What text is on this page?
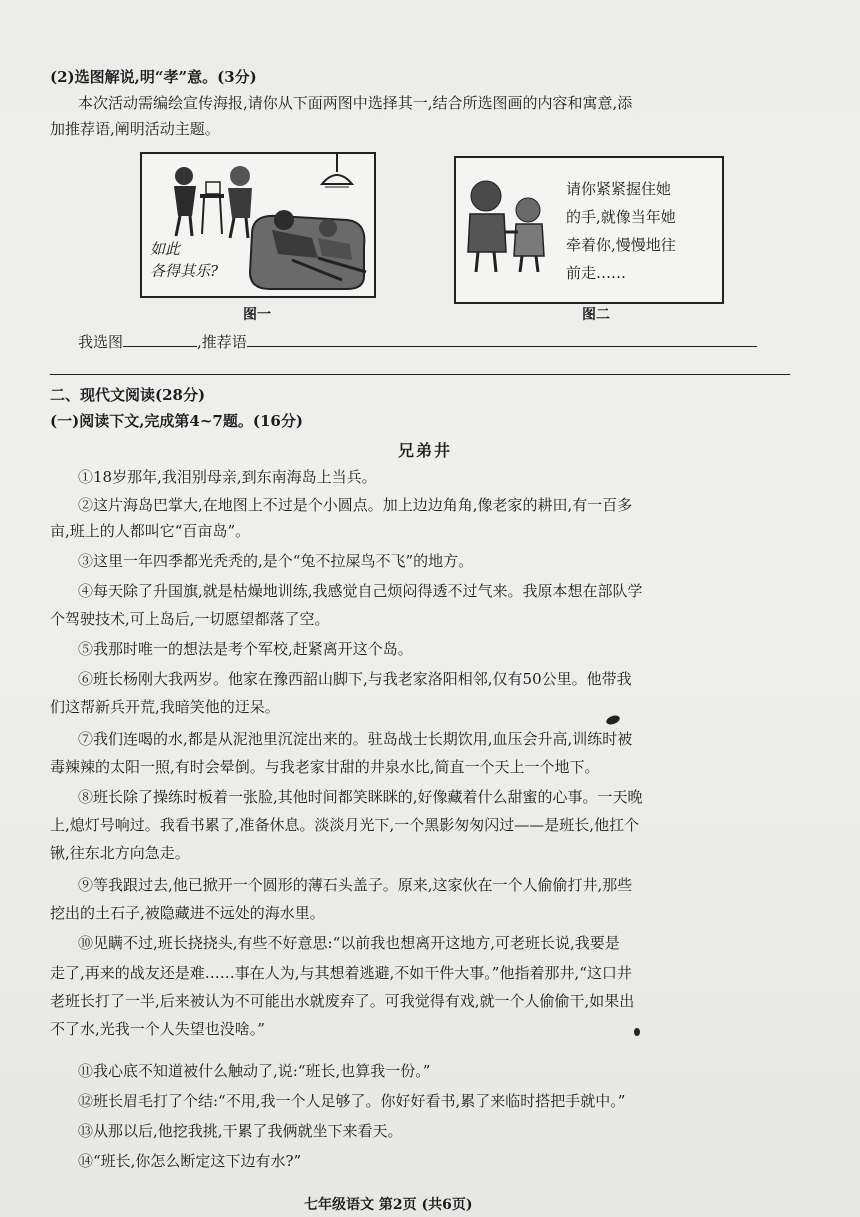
(2)选图解说,明“孝”意。(3分)
本次活动需编绘宣传海报,请你从下面两图中选择其一,结合所选图画的内容和寓意,添
加推荐语,阐明活动主题。
如此
各得其乐?
图一
请你紧紧握住她
的手,就像当年她
牵着你,慢慢地往
前走……
图二
我选图	,推荐语
二、现代文阅读(28分)
(一)阅读下文,完成第4~7题。(16分)
兄弟井
①18岁那年,我泪别母亲,到东南海岛上当兵。
②这片海岛巴掌大,在地图上不过是个小圆点。加上边边角角,像老家的耕田,有一百多
亩,班上的人都叫它“百亩岛”。
③这里一年四季都光秃秃的,是个“兔不拉屎鸟不飞”的地方。
④每天除了升国旗,就是枯燥地训练,我感觉自己烦闷得透不过气来。我原本想在部队学
个驾驶技术,可上岛后,一切愿望都落了空。
⑤我那时唯一的想法是考个军校,赶紧离开这个岛。
⑥班长杨刚大我两岁。他家在豫西韶山脚下,与我老家洛阳相邻,仅有50公里。他带我
们这帮新兵开荒,我暗笑他的迂呆。
⑦我们连喝的水,都是从泥池里沉淀出来的。驻岛战士长期饮用,血压会升高,训练时被
毒辣辣的太阳一照,有时会晕倒。与我老家甘甜的井泉水比,简直一个天上一个地下。
⑧班长除了操练时板着一张脸,其他时间都笑眯眯的,好像藏着什么甜蜜的心事。一天晚
上,熄灯号响过。我看书累了,准备休息。淡淡月光下,一个黑影匆匆闪过——是班长,他扛个
锹,往东北方向急走。
⑨等我跟过去,他已掀开一个圆形的薄石头盖子。原来,这家伙在一个人偷偷打井,那些
挖出的土石子,被隐藏进不远处的海水里。
⑩见瞒不过,班长挠挠头,有些不好意思:“以前我也想离开这地方,可老班长说,我要是
走了,再来的战友还是难……事在人为,与其想着逃避,不如干件大事。”他指着那井,“这口井
老班长打了一半,后来被认为不可能出水就废弃了。可我觉得有戏,就一个人偷偷干,如果出
不了水,光我一个人失望也没啥。”
⑪我心底不知道被什么触动了,说:“班长,也算我一份。”
⑫班长眉毛打了个结:“不用,我一个人足够了。你好好看书,累了来临时搭把手就中。”
⑬从那以后,他挖我挑,干累了我俩就坐下来看天。
⑭“班长,你怎么断定这下边有水?”
七年级语文 第2页 (共6页)
